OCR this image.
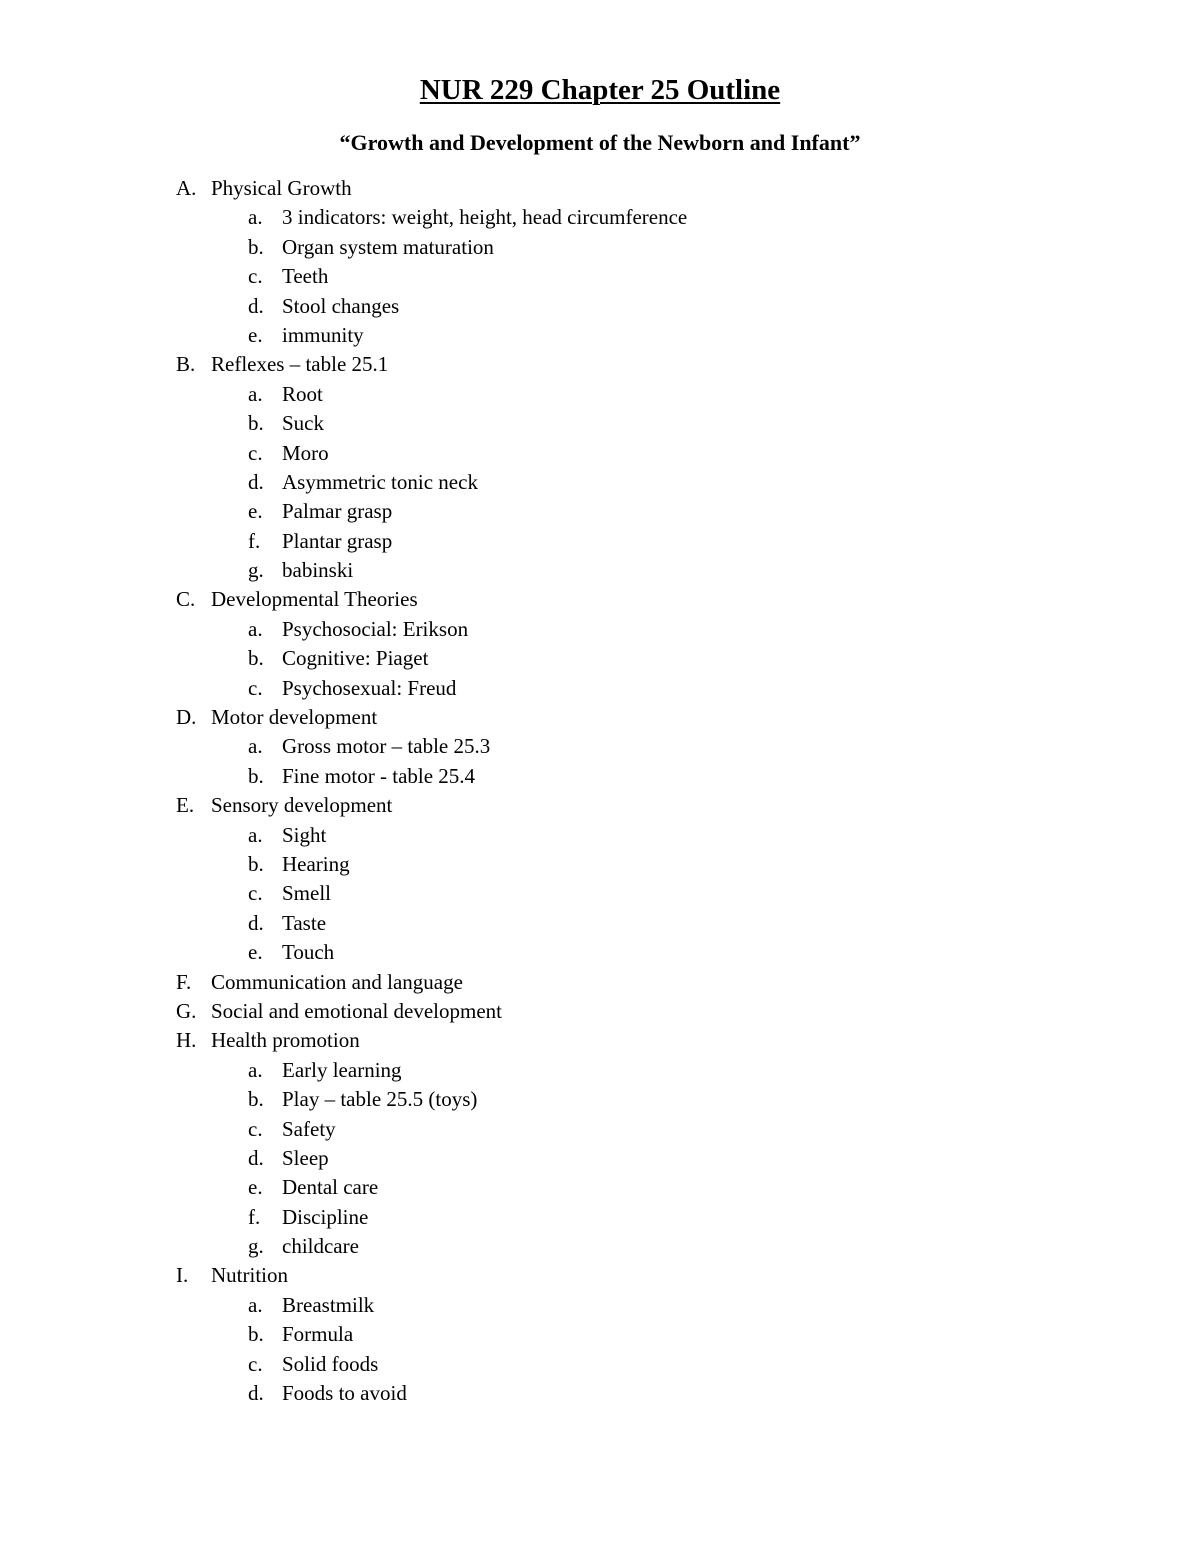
NUR 229 Chapter 25 Outline
“Growth and Development of the Newborn and Infant”
A. Physical Growth
a. 3 indicators: weight, height, head circumference
b. Organ system maturation
c. Teeth
d. Stool changes
e. immunity
B. Reflexes – table 25.1
a. Root
b. Suck
c. Moro
d. Asymmetric tonic neck
e. Palmar grasp
f. Plantar grasp
g. babinski
C. Developmental Theories
a. Psychosocial: Erikson
b. Cognitive: Piaget
c. Psychosexual: Freud
D. Motor development
a. Gross motor – table 25.3
b. Fine motor - table 25.4
E. Sensory development
a. Sight
b. Hearing
c. Smell
d. Taste
e. Touch
F. Communication and language
G. Social and emotional development
H. Health promotion
a. Early learning
b. Play – table 25.5 (toys)
c. Safety
d. Sleep
e. Dental care
f. Discipline
g. childcare
I. Nutrition
a. Breastmilk
b. Formula
c. Solid foods
d. Foods to avoid
